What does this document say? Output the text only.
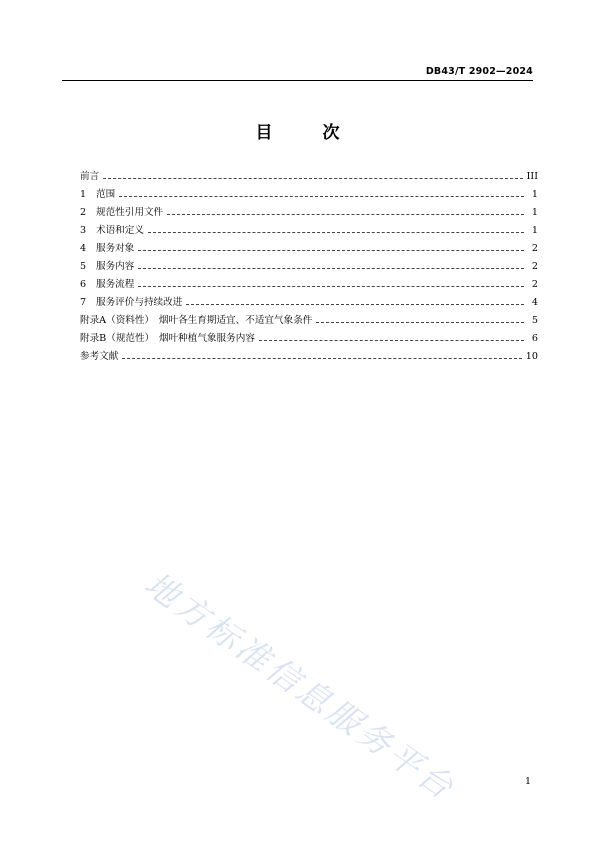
DB43/T 2902—2024
目 次
前言	III
1 范围	1
2 规范性引用文件	1
3 术语和定义	1
4 服务对象	2
5 服务内容	2
6 服务流程	2
7 服务评价与持续改进	4
附录A（资料性）　烟叶各生育期适宜、不适宜气象条件	5
附录B（规范性）　烟叶种植气象服务内容	6
参考文献	10
地方标准信息服务平台	1
